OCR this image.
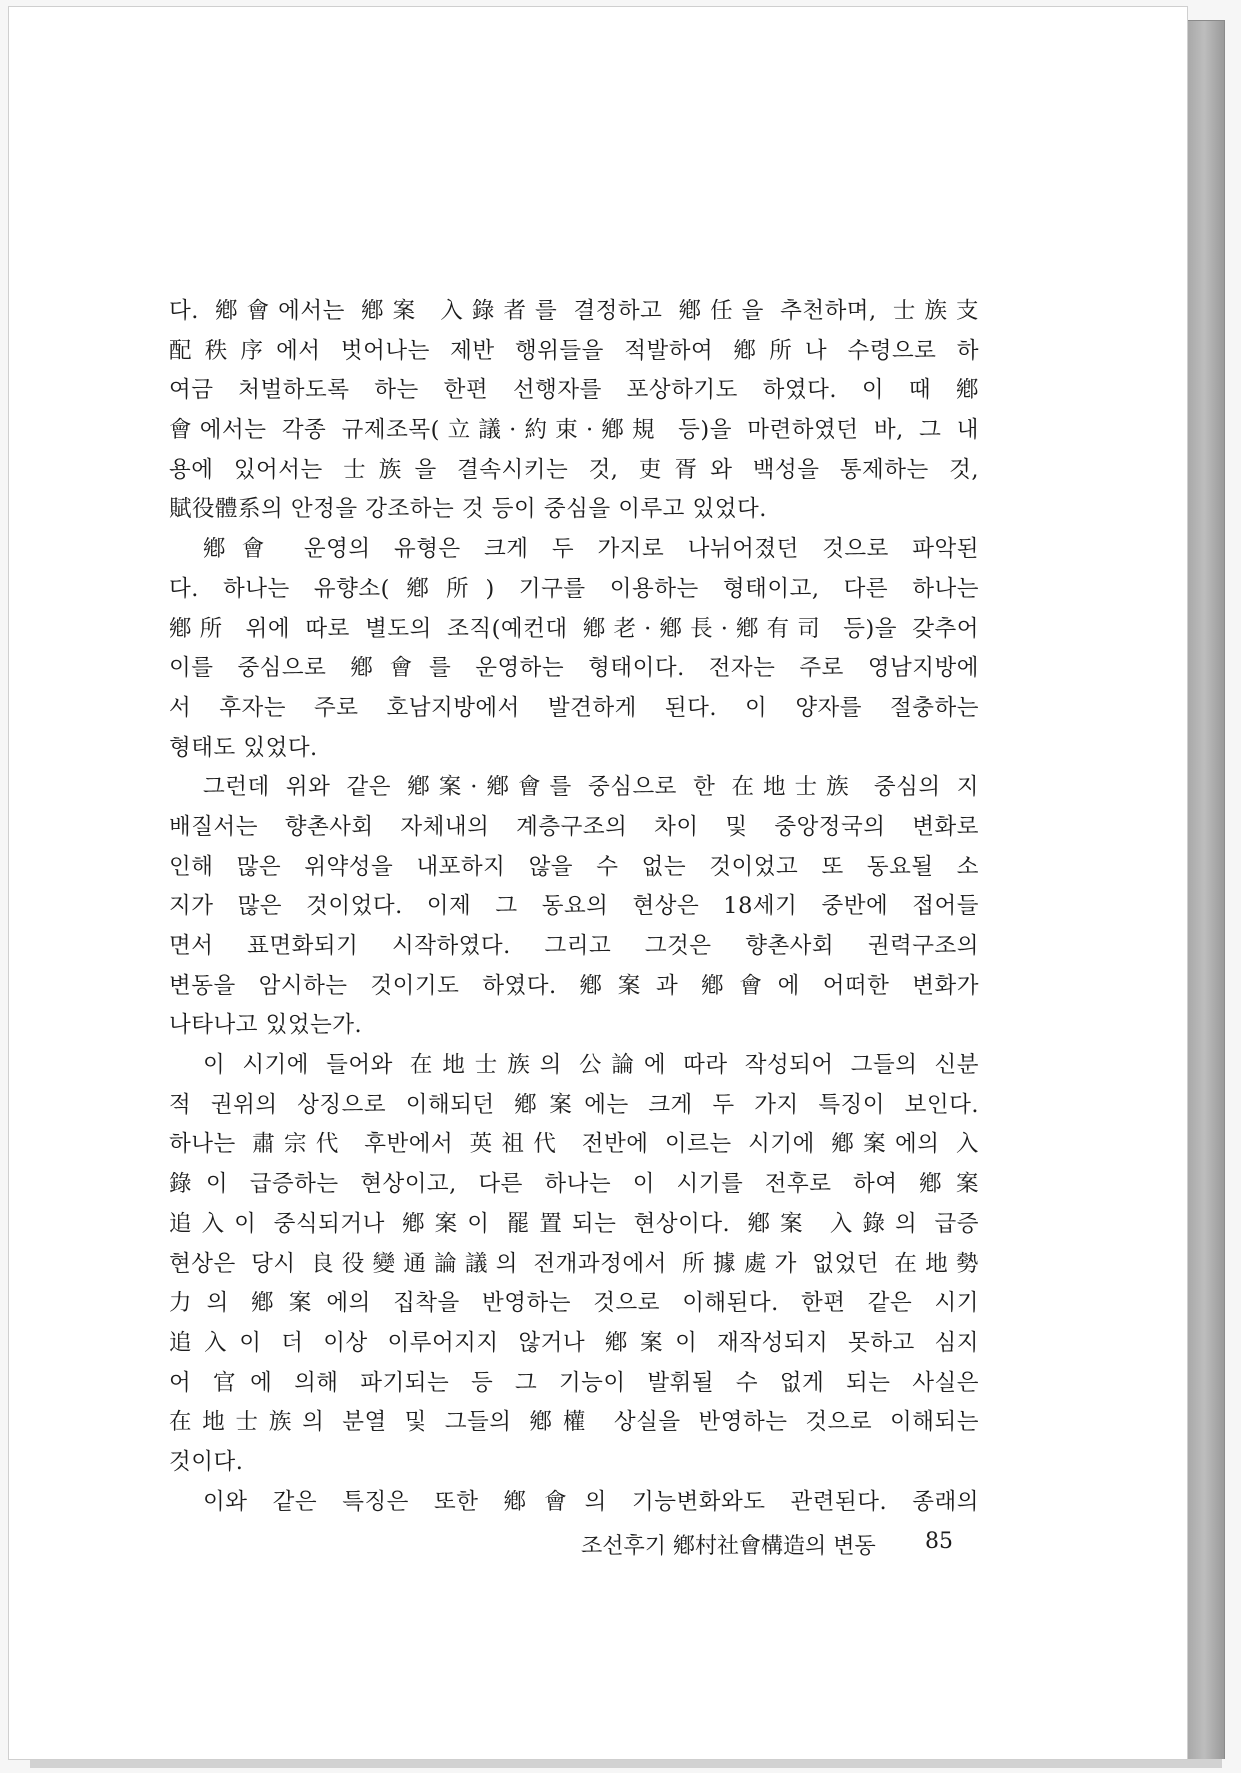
다. 鄕會에서는 鄕案 入錄者를 결정하고 鄕任을 추천하며, 士族支
配秩序에서 벗어나는 제반 행위들을 적발하여 鄕所나 수령으로 하
여금 처벌하도록 하는 한편 선행자를 포상하기도 하였다. 이 때 鄕
會에서는 각종 규제조목(立議·約束·鄕規 등)을 마련하였던 바, 그 내
용에 있어서는 士族을 결속시키는 것, 吏胥와 백성을 통제하는 것,
賦役體系의 안정을 강조하는 것 등이 중심을 이루고 있었다.
鄕會 운영의 유형은 크게 두 가지로 나뉘어졌던 것으로 파악된
다. 하나는 유향소(鄕所) 기구를 이용하는 형태이고, 다른 하나는
鄕所 위에 따로 별도의 조직(예컨대 鄕老·鄕長·鄕有司 등)을 갖추어
이를 중심으로 鄕會를 운영하는 형태이다. 전자는 주로 영남지방에
서 후자는 주로 호남지방에서 발견하게 된다. 이 양자를 절충하는
형태도 있었다.
그런데 위와 같은 鄕案·鄕會를 중심으로 한 在地士族 중심의 지
배질서는 향촌사회 자체내의 계층구조의 차이 및 중앙정국의 변화로
인해 많은 위약성을 내포하지 않을 수 없는 것이었고 또 동요될 소
지가 많은 것이었다. 이제 그 동요의 현상은 18세기 중반에 접어들
면서 표면화되기 시작하였다. 그리고 그것은 향촌사회 권력구조의
변동을 암시하는 것이기도 하였다. 鄕案과 鄕會에 어떠한 변화가
나타나고 있었는가.
이 시기에 들어와 在地士族의 公論에 따라 작성되어 그들의 신분
적 권위의 상징으로 이해되던 鄕案에는 크게 두 가지 특징이 보인다.
하나는 肅宗代 후반에서 英祖代 전반에 이르는 시기에 鄕案에의 入
錄이 급증하는 현상이고, 다른 하나는 이 시기를 전후로 하여 鄕案
追入이 중식되거나 鄕案이 罷置되는 현상이다. 鄕案 入錄의 급증
현상은 당시 良役變通論議의 전개과정에서 所據處가 없었던 在地勢
力의 鄕案에의 집착을 반영하는 것으로 이해된다. 한편 같은 시기
追入이 더 이상 이루어지지 않거나 鄕案이 재작성되지 못하고 심지
어 官에 의해 파기되는 등 그 기능이 발휘될 수 없게 되는 사실은
在地士族의 분열 및 그들의 鄕權 상실을 반영하는 것으로 이해되는
것이다.
이와 같은 특징은 또한 鄕會의 기능변화와도 관련된다. 종래의
조선후기 鄕村社會構造의 변동 85
